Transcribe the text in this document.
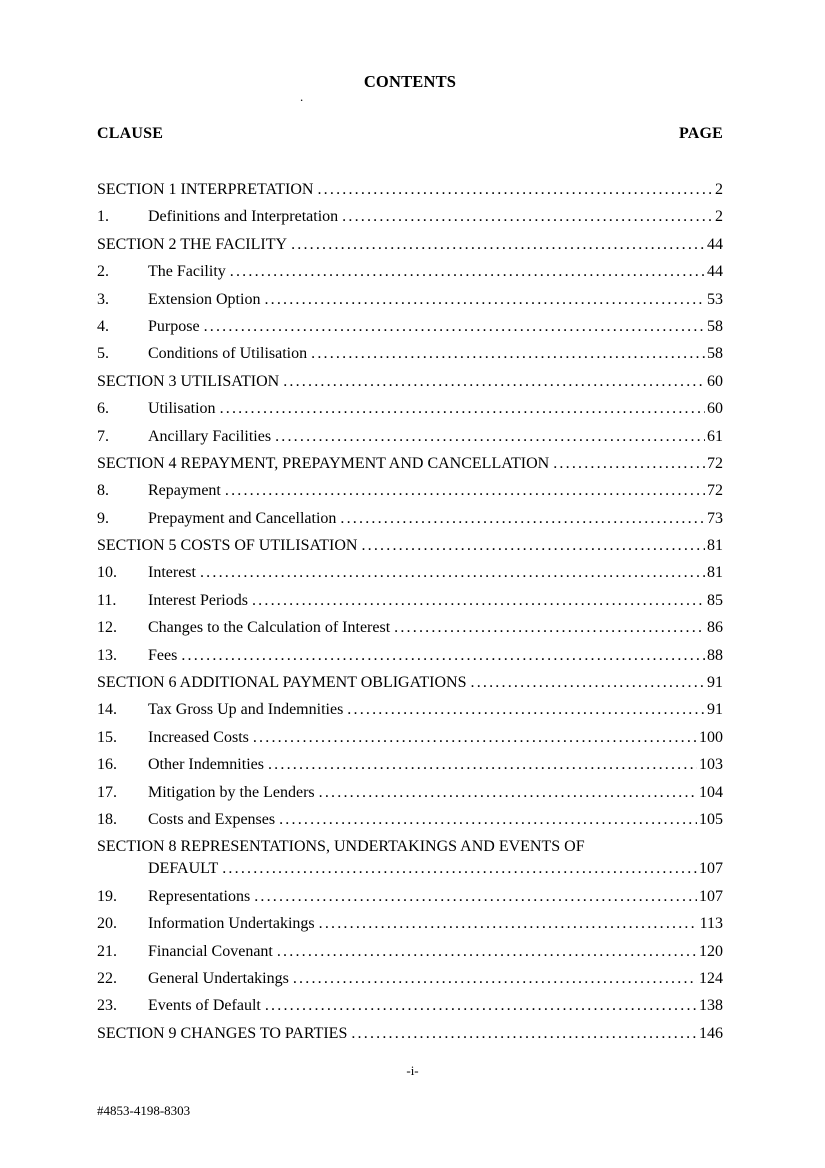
CONTENTS
CLAUSE	PAGE
SECTION 1 INTERPRETATION .....	2
1.	Definitions and Interpretation .....	2
SECTION 2 THE FACILITY .....	44
2.	The Facility .....	44
3.	Extension Option .....	53
4.	Purpose .....	58
5.	Conditions of Utilisation .....	58
SECTION 3 UTILISATION .....	60
6.	Utilisation .....	60
7.	Ancillary Facilities .....	61
SECTION 4 REPAYMENT, PREPAYMENT AND CANCELLATION .....	72
8.	Repayment .....	72
9.	Prepayment and Cancellation .....	73
SECTION 5 COSTS OF UTILISATION .....	81
10.	Interest .....	81
11.	Interest Periods .....	85
12.	Changes to the Calculation of Interest .....	86
13.	Fees .....	88
SECTION 6 ADDITIONAL PAYMENT OBLIGATIONS .....	91
14.	Tax Gross Up and Indemnities .....	91
15.	Increased Costs .....	100
16.	Other Indemnities .....	103
17.	Mitigation by the Lenders .....	104
18.	Costs and Expenses .....	105
SECTION 8 REPRESENTATIONS, UNDERTAKINGS AND EVENTS OF
DEFAULT .....	107
19.	Representations .....	107
20.	Information Undertakings .....	113
21.	Financial Covenant .....	120
22.	General Undertakings .....	124
23.	Events of Default .....	138
SECTION 9 CHANGES TO PARTIES .....	146
.
-i-
#4853-4198-8303
